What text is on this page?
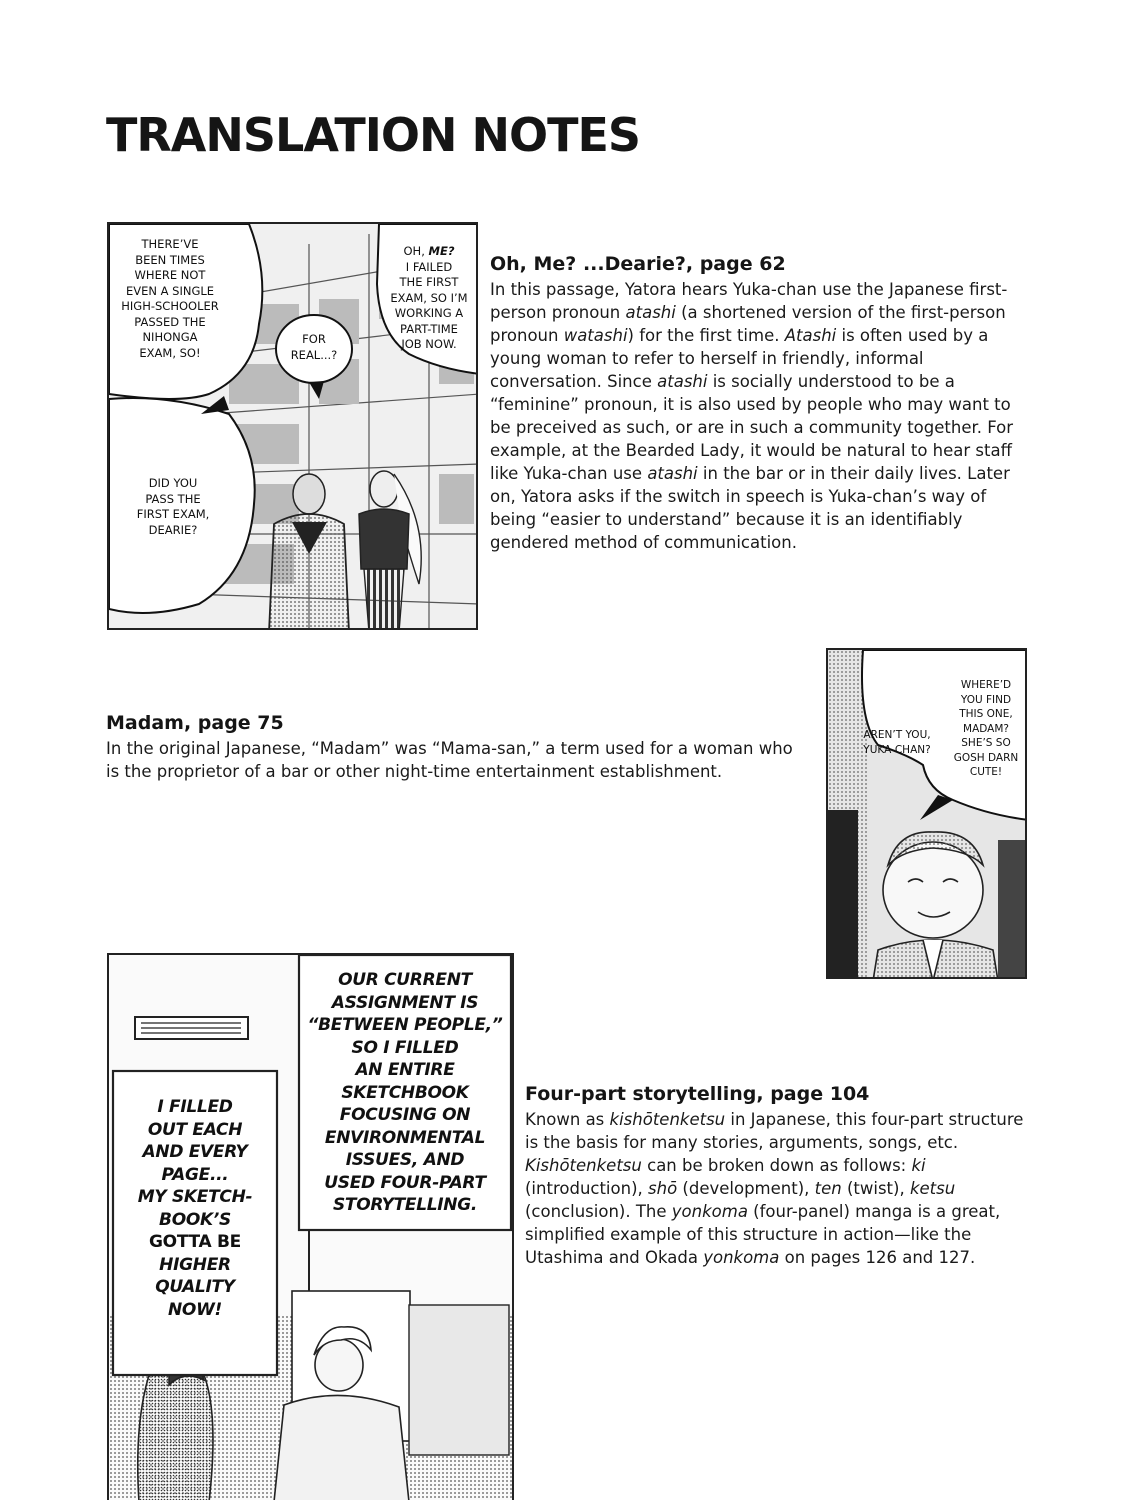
TRANSLATION NOTES
THERE’VE
BEEN TIMES
WHERE NOT
EVEN A SINGLE
HIGH-SCHOOLER
PASSED THE
NIHONGA
EXAM, SO!
OH, ME?
I FAILED
THE FIRST
EXAM, SO I’M
WORKING A
PART-TIME
JOB NOW.
FOR
REAL...?
DID YOU
PASS THE
FIRST EXAM,
DEARIE?
Oh, Me? ...Dearie?, page 62

In this passage, Yatora hears Yuka-chan use the Japanese first-person pronoun atashi (a shortened version of the first-person pronoun watashi) for the first time. Atashi is often used by a young woman to refer to herself in friendly, informal conversation. Since atashi is socially understood to be a “feminine” pronoun, it is also used by people who may want to be preceived as such, or are in such a community together. For example, at the Bearded Lady, it would be natural to hear staff like Yuka-chan use atashi in the bar or in their daily lives. Later on, Yatora asks if the switch in speech is Yuka-chan’s way of being “easier to understand” because it is an identifiably gendered method of communication.

WHERE’D
YOU FIND
THIS ONE,
MADAM?
SHE’S SO
GOSH DARN
CUTE!
AREN’T YOU,
YUKA-CHAN?
Madam, page 75

In the original Japanese, “Madam” was “Mama-san,” a term used for a woman who is the proprietor of a bar or other night-time entertainment establishment.

OUR CURRENT
ASSIGNMENT IS
“BETWEEN PEOPLE,”
SO I FILLED
AN ENTIRE
SKETCHBOOK
FOCUSING ON
ENVIRONMENTAL
ISSUES, AND
USED FOUR-PART
STORYTELLING.
I FILLED
OUT EACH
AND EVERY
PAGE...
MY SKETCH-
BOOK’S
GOTTA BE
HIGHER
QUALITY
NOW!
Four-part storytelling, page 104

Known as kishōtenketsu in Japanese, this four-part structure is the basis for many stories, arguments, songs, etc. Kishōtenketsu can be broken down as follows: ki (introduction), shō (development), ten (twist), ketsu (conclusion). The yonkoma (four-panel) manga is a great, simplified example of this structure in action—like the Utashima and Okada yonkoma on pages 126 and 127.
